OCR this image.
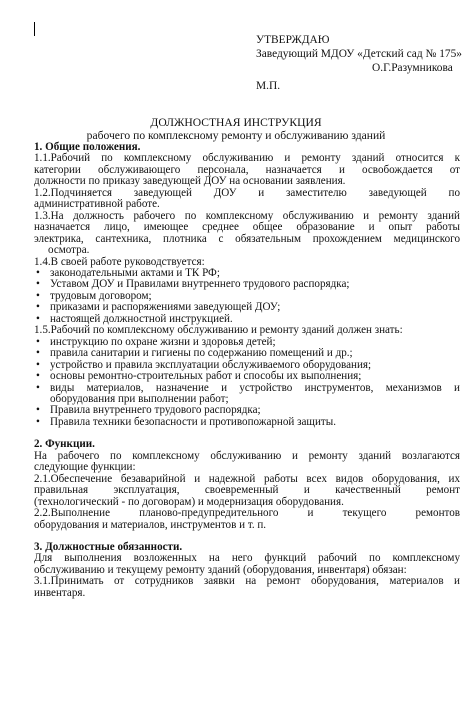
УТВЕРЖДАЮ
Заведующий МДОУ «Детский сад № 175»
О.Г.Разумникова
М.П.
ДОЛЖНОСТНАЯ ИНСТРУКЦИЯ
рабочего по комплексному ремонту и обслуживанию зданий

1. Общие положения.

1.1.Рабочий по комплексному обслуживанию и ремонту зданий относится к

категории обслуживающего персонала, назначается и освобождается от

должности по приказу заведующей ДОУ на основании заявления.

1.2.Подчиняется заведующей ДОУ и заместителю заведующей по

административной работе.

1.3.На должность рабочего по комплексному обслуживанию и ремонту зданий

назначается лицо, имеющее среднее общее образование и опыт работы

электрика, сантехника, плотника с обязательным прохождением медицинского

осмотра.

1.4.В своей работе руководствуется:

• законодательными актами и ТК РФ;
• Уставом ДОУ и Правилами внутреннего трудового распорядка;
• трудовым договором;
• приказами и распоряжениями заведующей ДОУ;
• настоящей должностной инструкцией.

1.5.Рабочий по комплексному обслуживанию и ремонту зданий должен знать:

• инструкцию по охране жизни и здоровья детей;
• правила санитарии и гигиены по содержанию помещений и др.;
• устройство и правила эксплуатации обслуживаемого оборудования;
• основы ремонтно-строительных работ и способы их выполнения;
• виды материалов, назначение и устройство инструментов, механизмов и оборудования при выполнении работ;
• Правила внутреннего трудового распорядка;
• Правила техники безопасности и противопожарной защиты.

2. Функции.

На рабочего по комплексному обслуживанию и ремонту зданий возлагаются

следующие функции:

2.1.Обеспечение безаварийной и надежной работы всех видов оборудования, их

правильная эксплуатация, своевременный и качественный ремонт

(технологический - по договорам) и модернизация оборудования.

2.2.Выполнение планово-предупредительного и текущего ремонтов

оборудования и материалов, инструментов и т. п.

3. Должностные обязанности.

Для выполнения возложенных на него функций рабочий по комплексному

обслуживанию и текущему ремонту зданий (оборудования, инвентаря) обязан:

3.1.Принимать от сотрудников заявки на ремонт оборудования, материалов и

инвентаря.
